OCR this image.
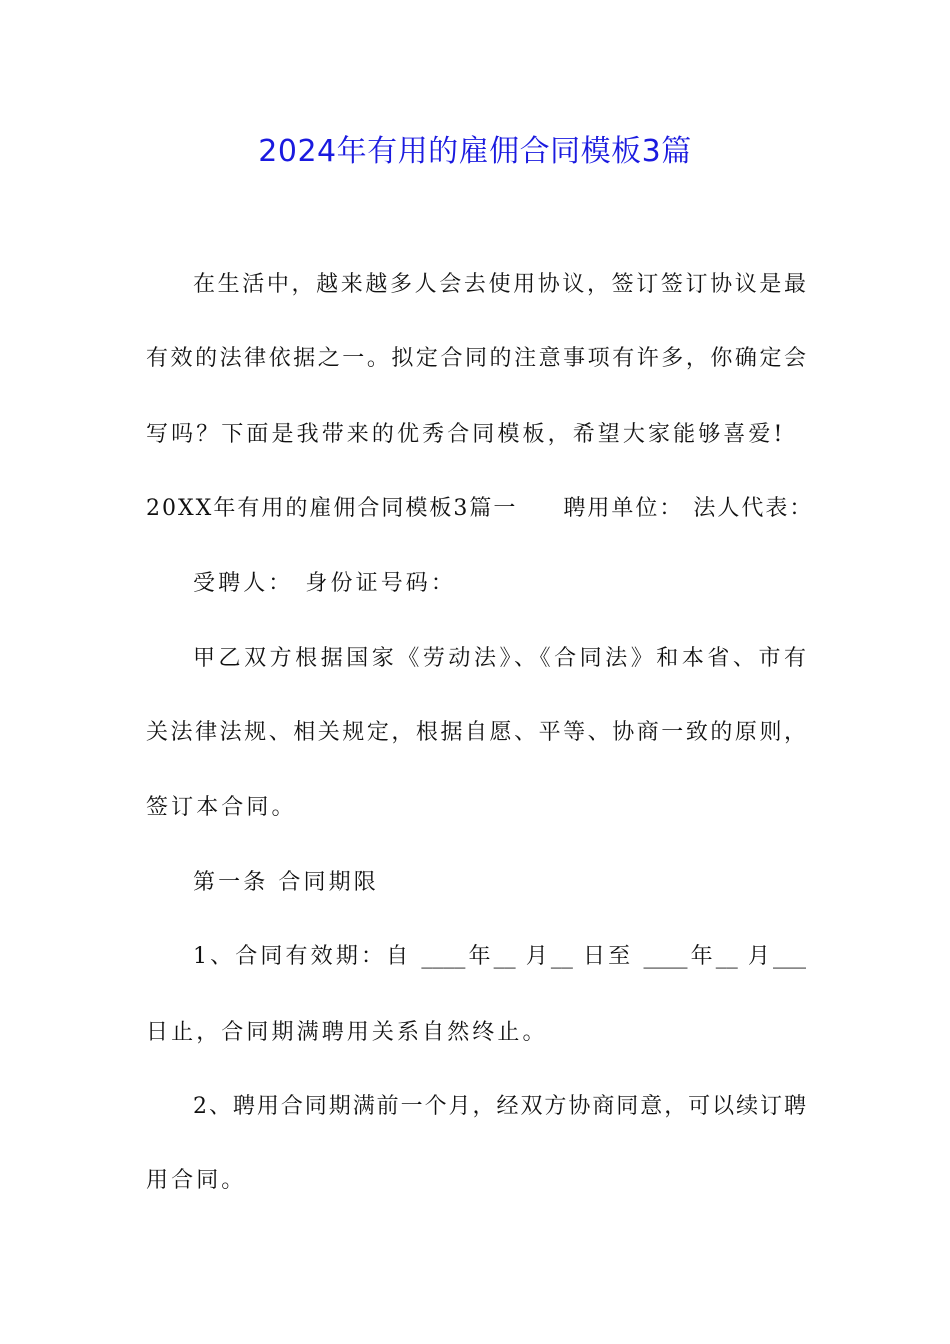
2024年有用的雇佣合同模板3篇
在生活中，越来越多人会去使用协议，签订签订协议是最
有效的法律依据之一。拟定合同的注意事项有许多，你确定会
写吗？下面是我带来的优秀合同模板，希望大家能够喜爱!
20XX年有用的雇佣合同模板3篇一 聘用单位： 法人代表：
受聘人： 身份证号码：
甲乙双方根据国家《劳动法》、《合同法》和本省、市有
关法律法规、相关规定，根据自愿、平等、协商一致的原则，
签订本合同。
第一条 合同期限
1、合同有效期：自 ____年__ 月__ 日至 ____年__ 月___
日止，合同期满聘用关系自然终止。
2、聘用合同期满前一个月，经双方协商同意，可以续订聘
用合同。
